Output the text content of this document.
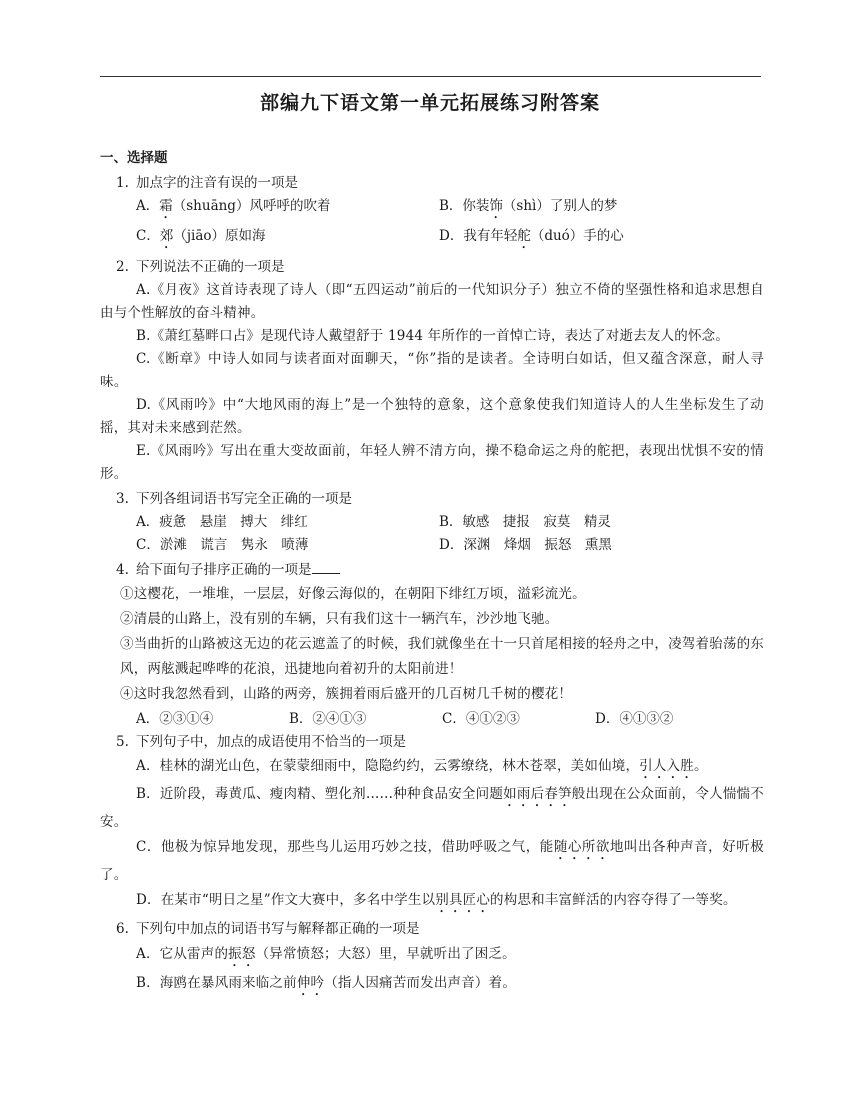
部编九下语文第一单元拓展练习附答案
一、选择题
1. 加点字的注音有误的一项是
A．霜（shuāng）风呼呼的吹着	B．你装饰（shì）了别人的梦
C．郊（jiāo）原如海	D．我有年轻舵（duó）手的心
2. 下列说法不正确的一项是

A.《月夜》这首诗表现了诗人（即“五四运动”前后的一代知识分子）独立不倚的坚强性格和追求思想自由与个性解放的奋斗精神。

B.《萧红墓畔口占》是现代诗人戴望舒于 1944 年所作的一首悼亡诗，表达了对逝去友人的怀念。

C.《断章》中诗人如同与读者面对面聊天，“你”指的是读者。全诗明白如话，但又蕴含深意，耐人寻味。

D.《风雨吟》中“大地风雨的海上”是一个独特的意象，这个意象使我们知道诗人的人生坐标发生了动摇，其对未来感到茫然。

E.《风雨吟》写出在重大变故面前，年轻人辨不清方向，操不稳命运之舟的舵把，表现出忧惧不安的情形。

3. 下列各组词语书写完全正确的一项是
A．疲惫　悬崖　搏大　绯红	B．敏感　捷报　寂莫　精灵
C．淤滩　谎言　隽永　喷薄	D．深渊　烽烟　振怒　熏黑
4. 给下面句子排序正确的一项是

①这樱花，一堆堆，一层层，好像云海似的，在朝阳下绯红万顷，溢彩流光。

②清晨的山路上，没有别的车辆，只有我们这十一辆汽车，沙沙地飞驰。

③当曲折的山路被这无边的花云遮盖了的时候，我们就像坐在十一只首尾相接的轻舟之中，凌驾着骀荡的东风，两舷溅起哗哗的花浪，迅捷地向着初升的太阳前进！

④这时我忽然看到，山路的两旁，簇拥着雨后盛开的几百树几千树的樱花！

A．②③①④	B．②④①③	C．④①②③	D．④①③②
5. 下列句子中，加点的成语使用不恰当的一项是

A．桂林的湖光山色，在蒙蒙细雨中，隐隐约约，云雾缭绕，林木苍翠，美如仙境，引人入胜。

B．近阶段，毒黄瓜、瘦肉精、塑化剂……种种食品安全问题如雨后春笋般出现在公众面前，令人惴惴不安。

C．他极为惊异地发现，那些鸟儿运用巧妙之技，借助呼吸之气，能随心所欲地叫出各种声音，好听极了。

D．在某市“明日之星”作文大赛中，多名中学生以别具匠心的构思和丰富鲜活的内容夺得了一等奖。

6. 下列句中加点的词语书写与解释都正确的一项是

A．它从雷声的振怒（异常愤怒；大怒）里，早就听出了困乏。

B．海鸥在暴风雨来临之前伸吟（指人因痛苦而发出声音）着。
